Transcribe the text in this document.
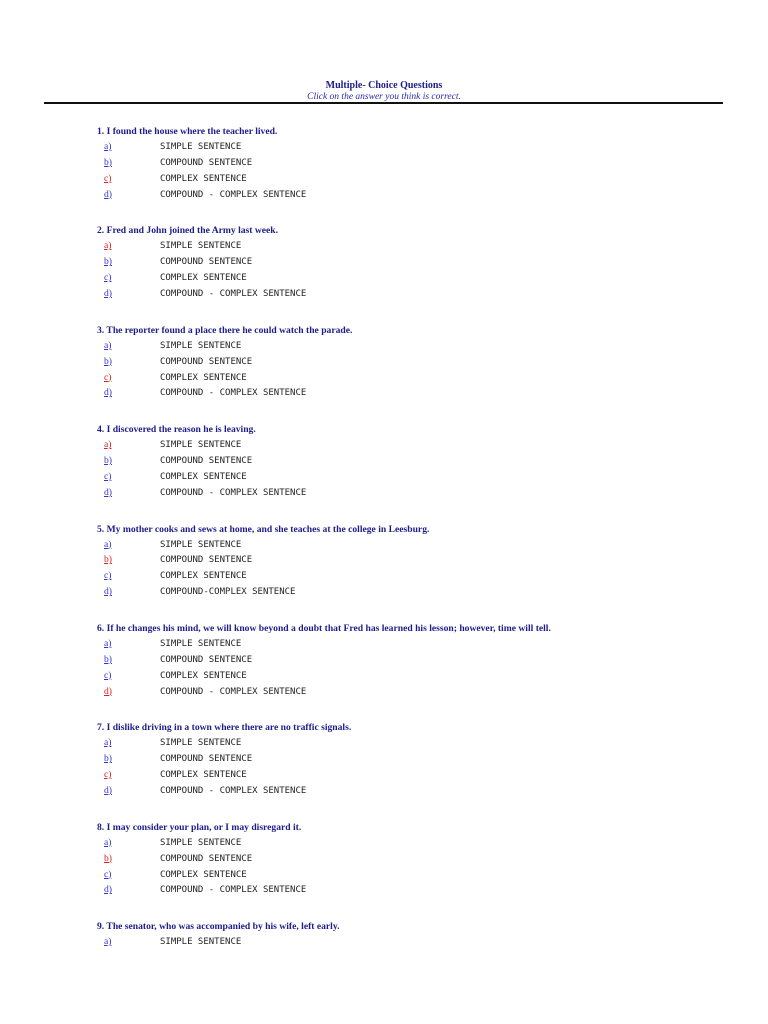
Multiple- Choice Questions
Click on the answer you think is correct.
1. I found the house where the teacher lived.
a)	SIMPLE SENTENCE
b)	COMPOUND SENTENCE
c)	COMPLEX SENTENCE
d)	COMPOUND - COMPLEX SENTENCE
2. Fred and John joined the Army last week.
a)	SIMPLE SENTENCE
b)	COMPOUND SENTENCE
c)	COMPLEX SENTENCE
d)	COMPOUND - COMPLEX SENTENCE
3. The reporter found a place there he could watch the parade.
a)	SIMPLE SENTENCE
b)	COMPOUND SENTENCE
c)	COMPLEX SENTENCE
d)	COMPOUND - COMPLEX SENTENCE
4. I discovered the reason he is leaving.
a)	SIMPLE SENTENCE
b)	COMPOUND SENTENCE
c)	COMPLEX SENTENCE
d)	COMPOUND - COMPLEX SENTENCE
5. My mother cooks and sews at home, and she teaches at the college in Leesburg.
a)	SIMPLE SENTENCE
b)	COMPOUND SENTENCE
c)	COMPLEX SENTENCE
d)	COMPOUND-COMPLEX SENTENCE
6. If he changes his mind, we will know beyond a doubt that Fred has learned his lesson; however, time will tell.
a)	SIMPLE SENTENCE
b)	COMPOUND SENTENCE
c)	COMPLEX SENTENCE
d)	COMPOUND - COMPLEX SENTENCE
7. I dislike driving in a town where there are no traffic signals.
a)	SIMPLE SENTENCE
b)	COMPOUND SENTENCE
c)	COMPLEX SENTENCE
d)	COMPOUND - COMPLEX SENTENCE
8. I may consider your plan, or I may disregard it.
a)	SIMPLE SENTENCE
b)	COMPOUND SENTENCE
c)	COMPLEX SENTENCE
d)	COMPOUND - COMPLEX SENTENCE
9. The senator, who was accompanied by his wife, left early.
a)	SIMPLE SENTENCE
